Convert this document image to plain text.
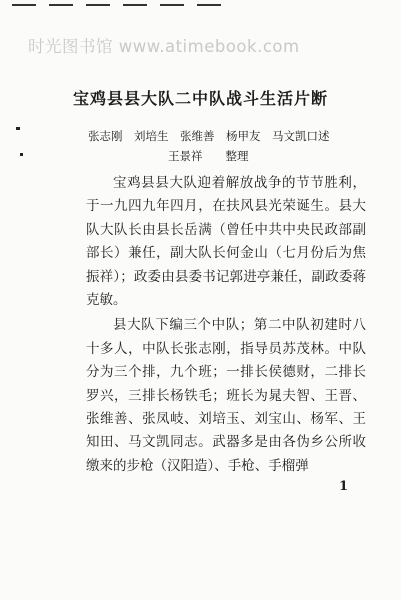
时光图书馆 www.atimebook.com
宝鸡县县大队二中队战斗生活片断
张志刚　刘培生　张维善　杨甲友　马文凯口述
王景祥　　整理

宝鸡县县大队迎着解放战争的节节胜利，于一九四九年四月，在扶风县光荣诞生。县大队大队长由县长岳满（曾任中共中央民政部副部长）兼任，副大队长何金山（七月份后为焦振祥）；政委由县委书记郭进亭兼任，副政委蒋克敏。

县大队下编三个中队；第二中队初建时八十多人，中队长张志刚，指导员苏茂林。中队分为三个排，九个班；一排长侯德财，二排长罗兴，三排长杨铁毛；班长为晁夫智、王晋、张维善、张凤岐、刘培玉、刘宝山、杨军、王知田、马文凯同志。武器多是由各伪乡公所收缴来的步枪（汉阳造）、手枪、手榴弹

1
